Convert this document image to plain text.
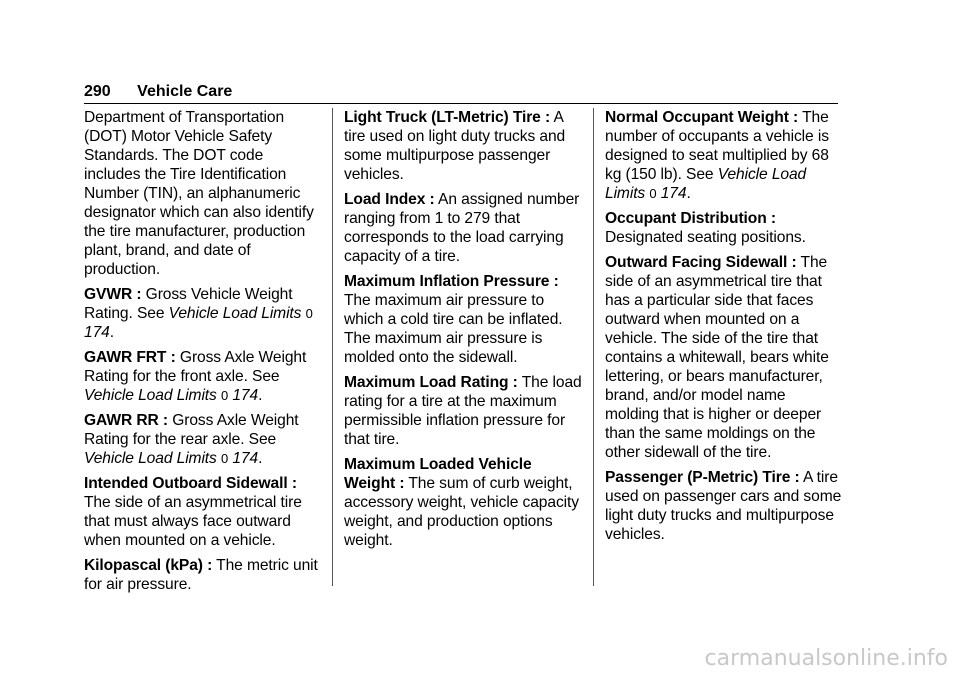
290 Vehicle Care

Department of Transportation (DOT) Motor Vehicle Safety Standards. The DOT code includes the Tire Identification Number (TIN), an alphanumeric designator which can also identify the tire manufacturer, production plant, brand, and date of production.

GVWR : Gross Vehicle Weight Rating. See Vehicle Load Limits 0 174.

GAWR FRT : Gross Axle Weight Rating for the front axle. See Vehicle Load Limits 0 174.

GAWR RR : Gross Axle Weight Rating for the rear axle. See Vehicle Load Limits 0 174.

Intended Outboard Sidewall : The side of an asymmetrical tire that must always face outward when mounted on a vehicle.

Kilopascal (kPa) : The metric unit for air pressure.

Light Truck (LT-Metric) Tire : A tire used on light duty trucks and some multipurpose passenger vehicles.

Load Index : An assigned number ranging from 1 to 279 that corresponds to the load carrying capacity of a tire.

Maximum Inflation Pressure : The maximum air pressure to which a cold tire can be inflated. The maximum air pressure is molded onto the sidewall.

Maximum Load Rating : The load rating for a tire at the maximum permissible inflation pressure for that tire.

Maximum Loaded Vehicle Weight : The sum of curb weight, accessory weight, vehicle capacity weight, and production options weight.

Normal Occupant Weight : The number of occupants a vehicle is designed to seat multiplied by 68 kg (150 lb). See Vehicle Load Limits 0 174.

Occupant Distribution : Designated seating positions.

Outward Facing Sidewall : The side of an asymmetrical tire that has a particular side that faces outward when mounted on a vehicle. The side of the tire that contains a whitewall, bears white lettering, or bears manufacturer, brand, and/or model name molding that is higher or deeper than the same moldings on the other sidewall of the tire.

Passenger (P-Metric) Tire : A tire used on passenger cars and some light duty trucks and multipurpose vehicles.

carmanualsonline.info
